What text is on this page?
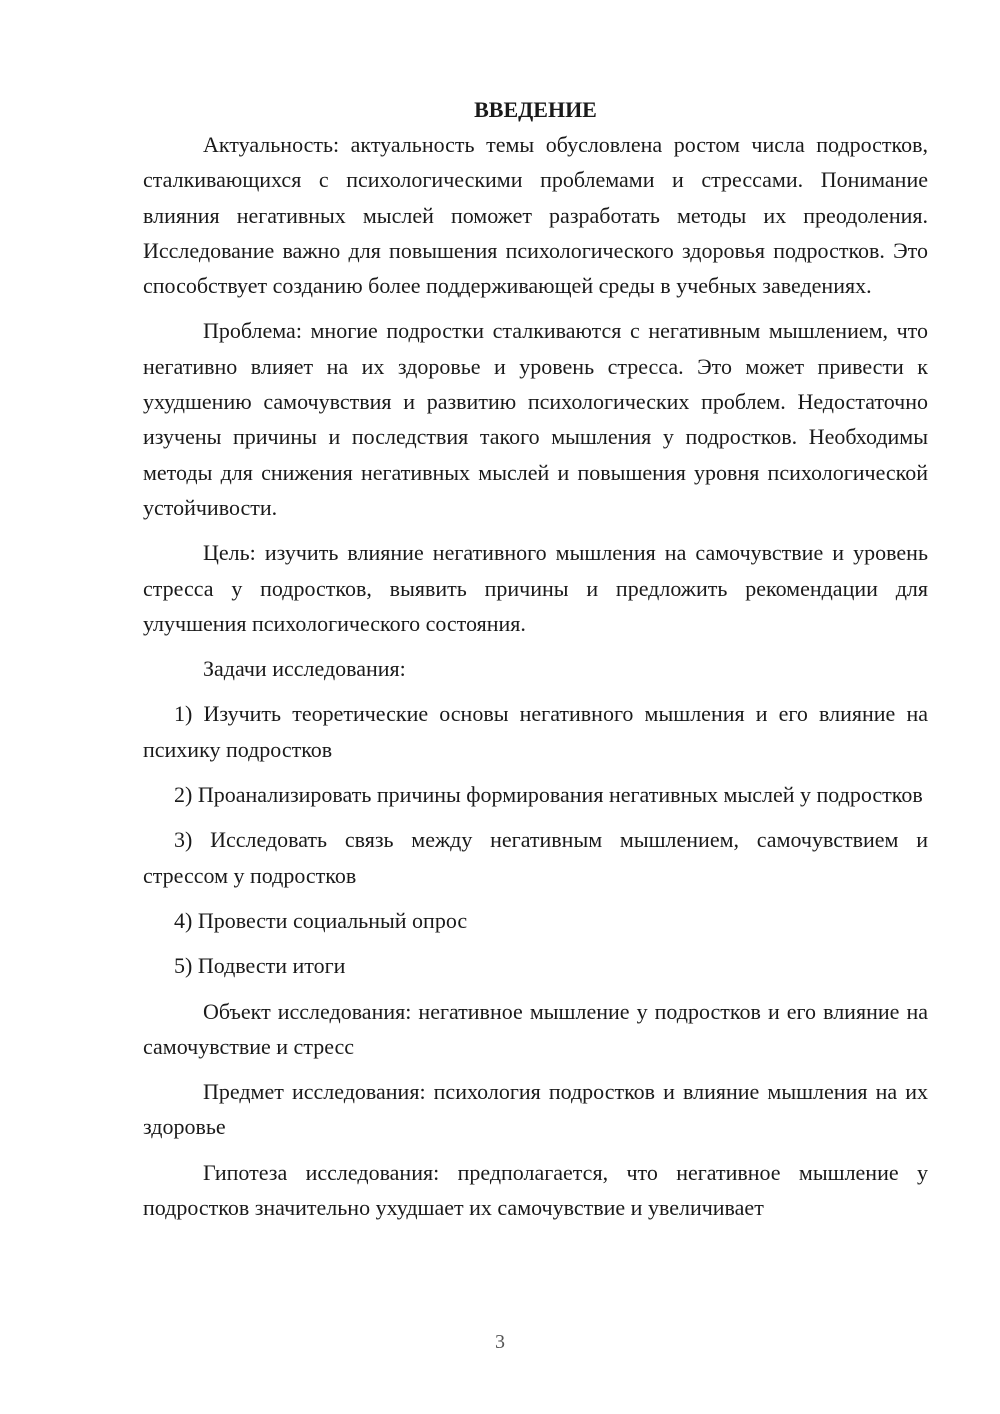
ВВЕДЕНИЕ

Актуальность: актуальность темы обусловлена ростом числа подростков, сталкивающихся с психологическими проблемами и стрессами. Понимание влияния негативных мыслей поможет разработать методы их преодоления. Исследование важно для повышения психологического здоровья подростков. Это способствует созданию более поддерживающей среды в учебных заведениях.

Проблема: многие подростки сталкиваются с негативным мышлением, что негативно влияет на их здоровье и уровень стресса. Это может привести к ухудшению самочувствия и развитию психологических проблем. Недостаточно изучены причины и последствия такого мышления у подростков. Необходимы методы для снижения негативных мыслей и повышения уровня психологической устойчивости.

Цель: изучить влияние негативного мышления на самочувствие и уровень стресса у подростков, выявить причины и предложить рекомендации для улучшения психологического состояния.

Задачи исследования:

1) Изучить теоретические основы негативного мышления и его влияние на психику подростков

2) Проанализировать причины формирования негативных мыслей у подростков

3) Исследовать связь между негативным мышлением, самочувствием и стрессом у подростков

4) Провести социальный опрос

5) Подвести итоги

Объект исследования: негативное мышление у подростков и его влияние на самочувствие и стресс

Предмет исследования: психология подростков и влияние мышления на их здоровье

Гипотеза исследования: предполагается, что негативное мышление у подростков значительно ухудшает их самочувствие и увеличивает

3
